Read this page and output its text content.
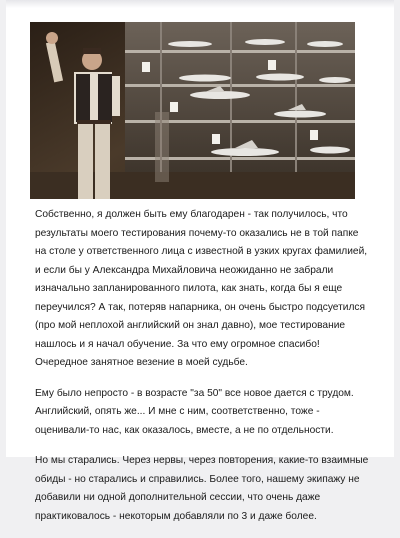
Собственно, я должен быть ему благодарен - так получилось, что результаты моего тестирования почему-то оказались не в той папке на столе у ответственного лица с известной в узких кругах фамилией, и если бы у Александра Михайловича неожиданно не забрали изначально запланированного пилота, как знать, когда бы я еще переучился? А так, потеряв напарника, он очень быстро подсуетился (про мой неплохой английский он знал давно), мое тестирование нашлось и я начал обучение. За что ему огромное спасибо! Очередное занятное везение в моей судьбе.

Ему было непросто - в возрасте "за 50" все новое дается с трудом. Английский, опять же... И мне с ним, соответственно, тоже - оценивали-то нас, как оказалось, вместе, а не по отдельности.

Но мы старались. Через нервы, через повторения, какие-то взаимные обиды - но старались и справились. Более того, нашему экипажу не добавили ни одной дополнительной сессии, что очень даже практиковалось - некоторым добавляли по 3 и даже более.
